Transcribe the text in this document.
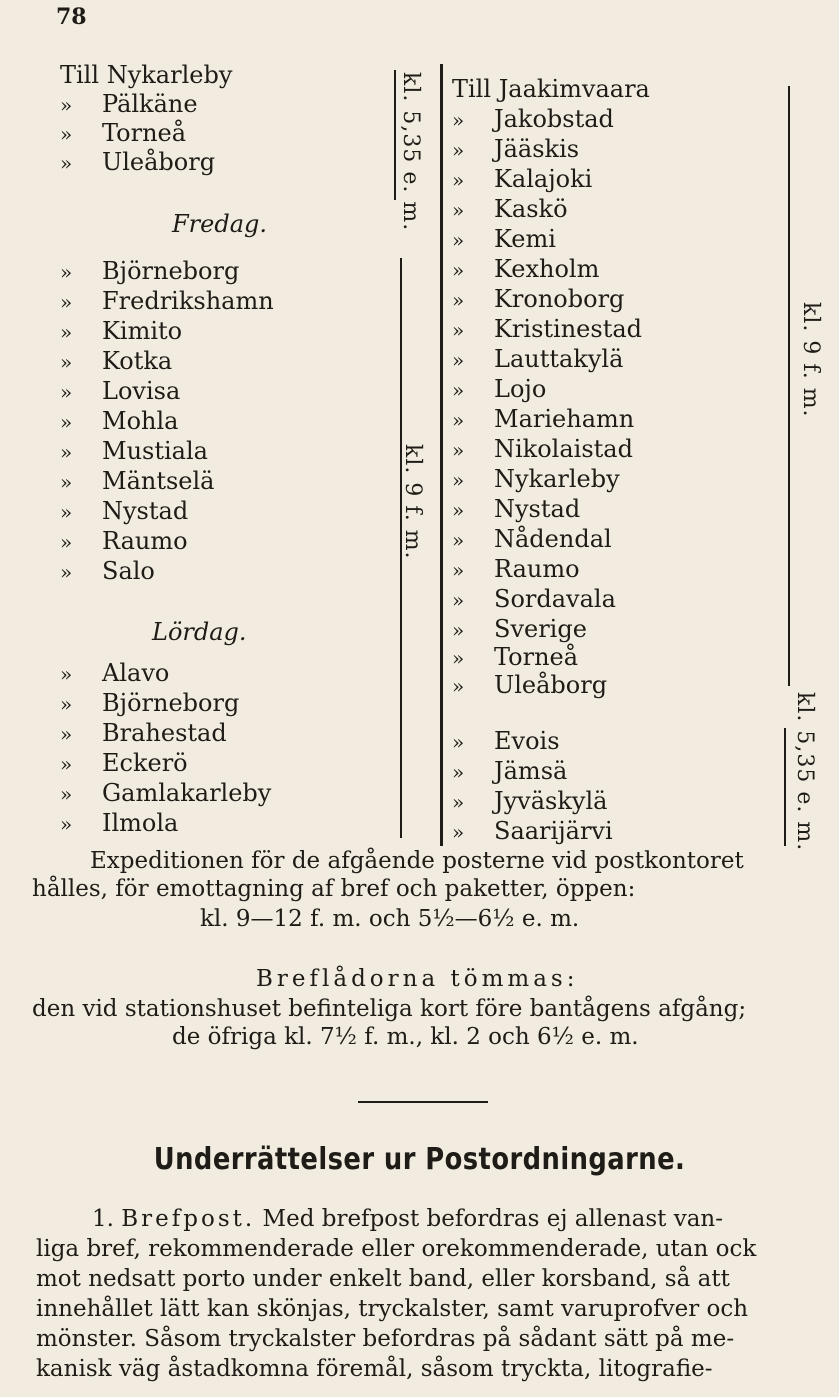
78
Till Nykarleby
» Pälkäne
» Torneå
» Uleåborg
Fredag.
» Björneborg
» Fredrikshamn
» Kimito
» Kotka
» Lovisa
» Mohla
» Mustiala
» Mäntselä
» Nystad
» Raumo
» Salo
Lördag.
» Alavo
» Björneborg
» Brahestad
» Eckerö
» Gamlakarleby
» Ilmola
kl. 5,35 e. m.
kl. 9 f. m.
Till Jaakimvaara
» Jakobstad
» Jääskis
» Kalajoki
» Kaskö
» Kemi
» Kexholm
» Kronoborg
» Kristinestad
» Lauttakylä
» Lojo
» Mariehamn
» Nikolaistad
» Nykarleby
» Nystad
» Nådendal
» Raumo
» Sordavala
» Sverige
» Torneå
» Uleåborg
» Evois
» Jämsä
» Jyväskylä
» Saarijärvi
kl. 9 f. m.
kl. 5,35 e. m.
Expeditionen för de afgående posterne vid postkontoret
hålles, för emottagning af bref och paketter, öppen:
kl. 9—12 f. m. och 5½—6½ e. m.
Breflådorna tömmas:
den vid stationshuset befinteliga kort före bantågens afgång;
de öfriga kl. 7½ f. m., kl. 2 och 6½ e. m.
Underrättelser ur Postordningarne.
1. Brefpost. Med brefpost befordras ej allenast van-
liga bref, rekommenderade eller orekommenderade, utan ock
mot nedsatt porto under enkelt band, eller korsband, så att
innehållet lätt kan skönjas, tryckalster, samt varuprofver och
mönster. Såsom tryckalster befordras på sådant sätt på me-
kanisk väg åstadkomna föremål, såsom tryckta, litografie-
